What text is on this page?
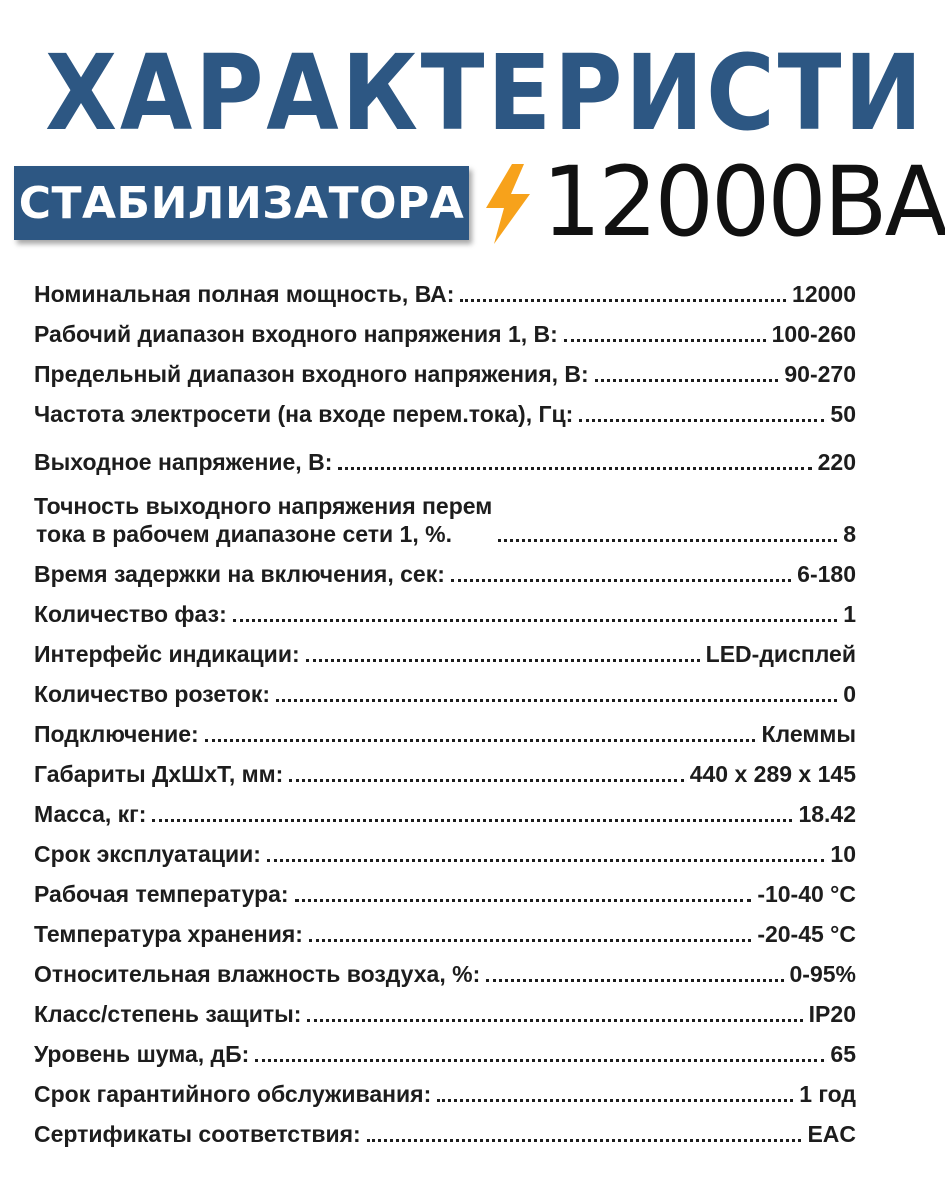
ХАРАКТЕРИСТИ
СТАБИЛИЗАТОРА 12000ВА
Номинальная полная мощность, ВА:	12000
Рабочий диапазон входного напряжения 1, В:	100-260
Предельный диапазон входного напряжения, В:	90-270
Частота электросети (на входе перем.тока), Гц:	50
Выходное напряжение, В:	220
Точность выходного напряжения перем
тока в рабочем диапазоне сети 1, %.	8
Время задержки на включения, сек:	6-180
Количество фаз:	1
Интерфейс индикации:	LED-дисплей
Количество розеток:	0
Подключение:	Клеммы
Габариты ДхШхТ, мм:	440 x 289 x 145
Масса, кг:	18.42
Срок эксплуатации:	10
Рабочая температура:	-10-40 °С
Температура хранения:	-20-45 °С
Относительная влажность воздуха, %:	0-95%
Класс/степень защиты:	IP20
Уровень шума, дБ:	65
Срок гарантийного обслуживания:	1 год
Сертификаты соответствия:	EAC
